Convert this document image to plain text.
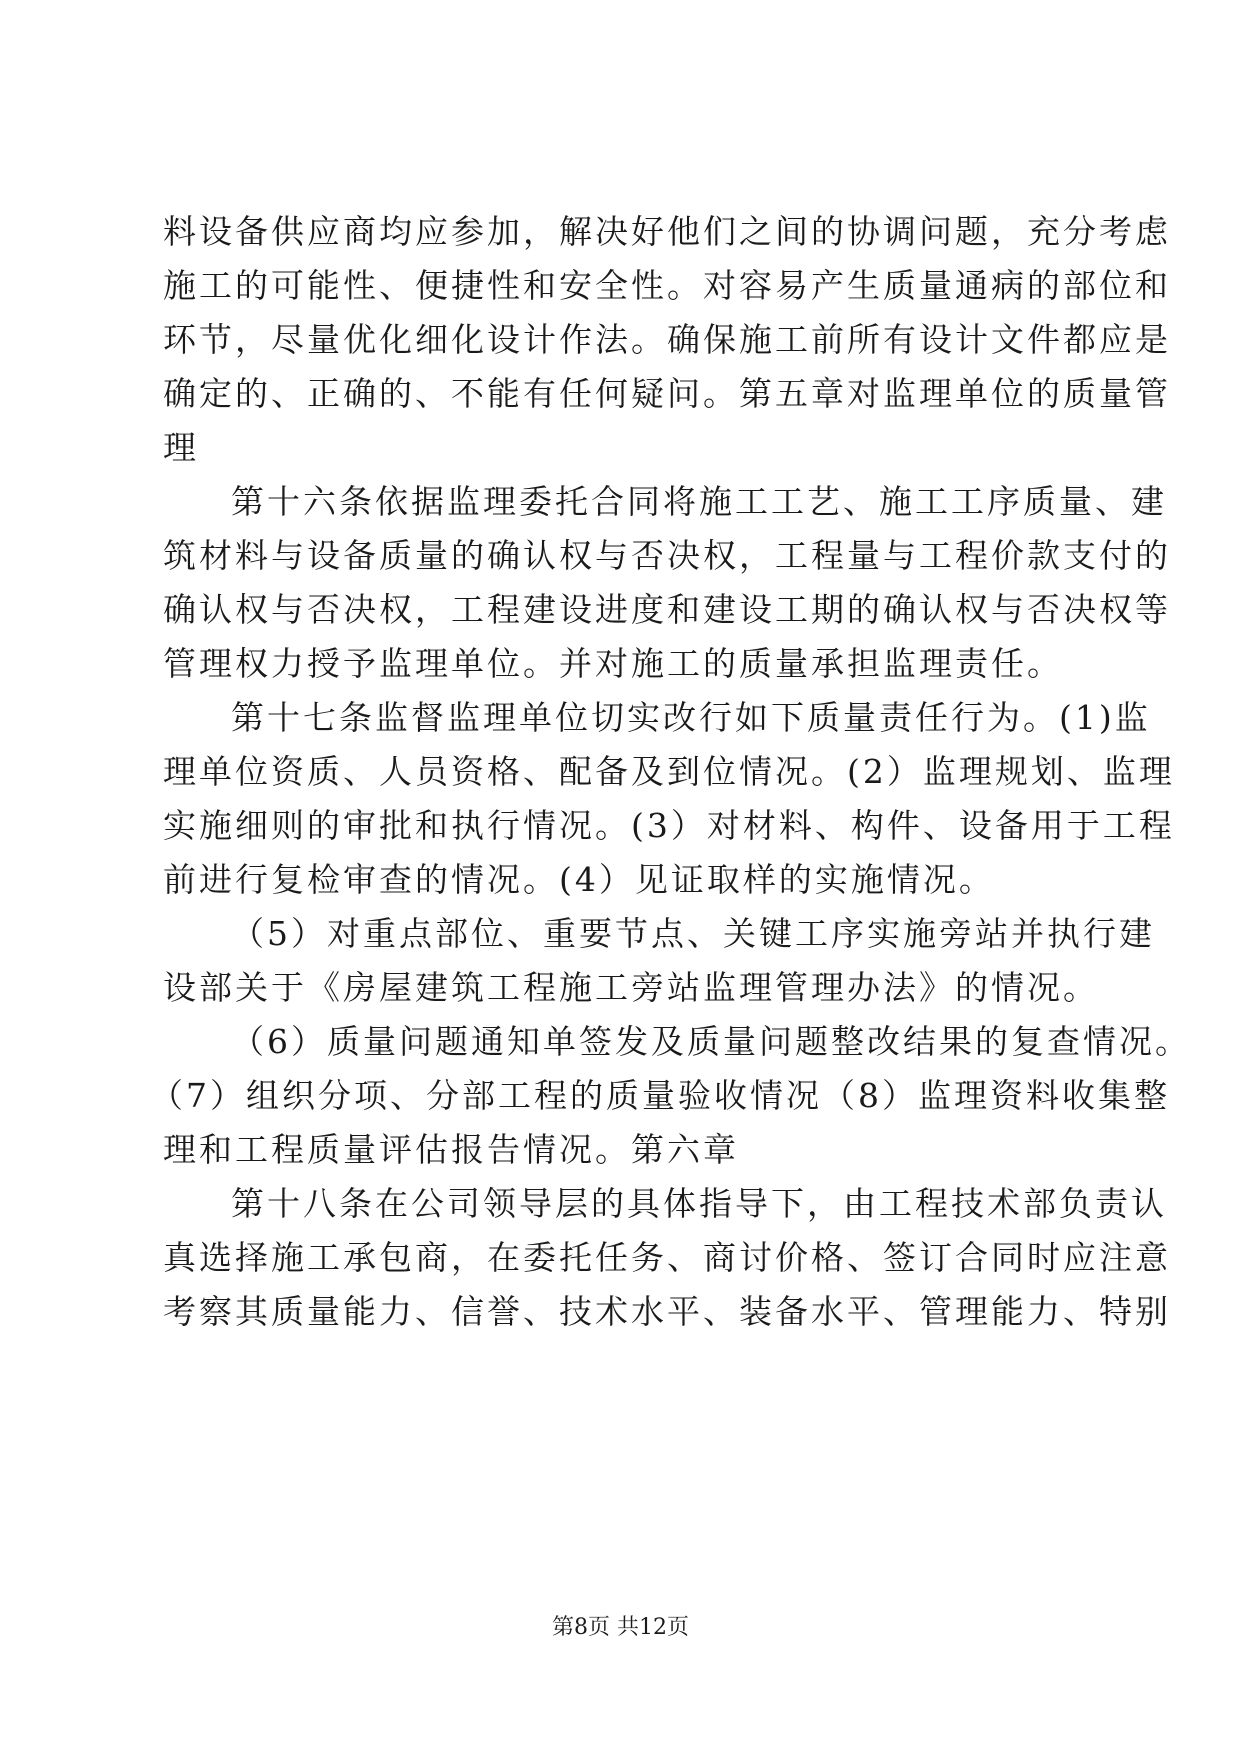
料设备供应商均应参加，解决好他们之间的协调问题，充分考虑
施工的可能性、便捷性和安全性。对容易产生质量通病的部位和
环节，尽量优化细化设计作法。确保施工前所有设计文件都应是
确定的、正确的、不能有任何疑问。第五章对监理单位的质量管
理
第十六条依据监理委托合同将施工工艺、施工工序质量、建
筑材料与设备质量的确认权与否决权，工程量与工程价款支付的
确认权与否决权，工程建设进度和建设工期的确认权与否决权等
管理权力授予监理单位。并对施工的质量承担监理责任。
第十七条监督监理单位切实改行如下质量责任行为。(1)监
理单位资质、人员资格、配备及到位情况。(2）监理规划、监理
实施细则的审批和执行情况。(3）对材料、构件、设备用于工程
前进行复检审查的情况。(4）见证取样的实施情况。
（5）对重点部位、重要节点、关键工序实施旁站并执行建
设部关于《房屋建筑工程施工旁站监理管理办法》的情况。
（6）质量问题通知单签发及质量问题整改结果的复查情况。
（7）组织分项、分部工程的质量验收情况（8）监理资料收集整
理和工程质量评估报告情况。第六章
第十八条在公司领导层的具体指导下，由工程技术部负责认
真选择施工承包商，在委托任务、商讨价格、签订合同时应注意
考察其质量能力、信誉、技术水平、装备水平、管理能力、特别
第8页 共12页
